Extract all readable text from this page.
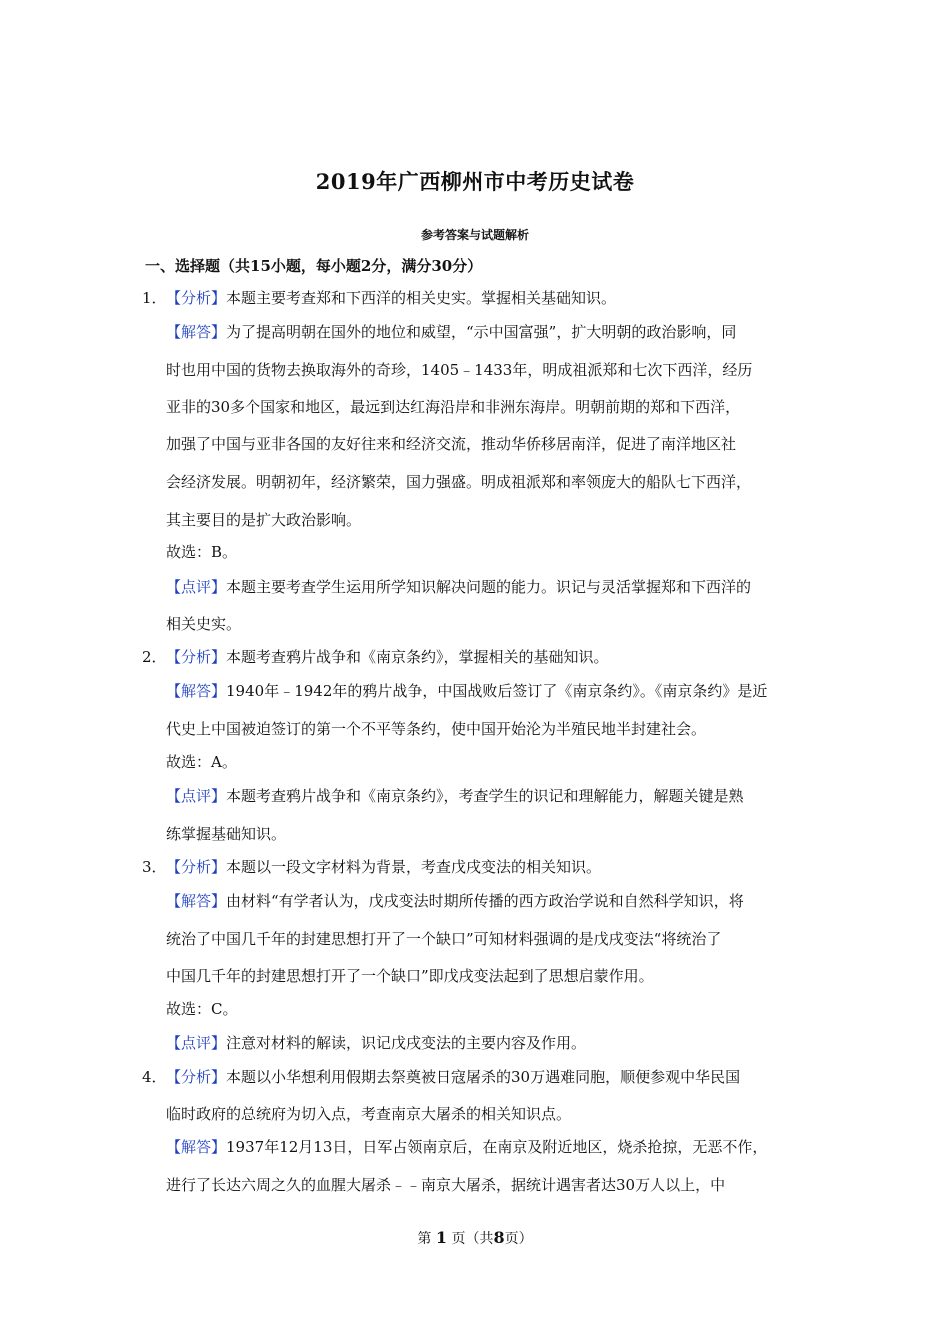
2019年广西柳州市中考历史试卷
参考答案与试题解析
一、选择题（共15小题，每小题2分，满分30分）
1． 【分析】本题主要考查郑和下西洋的相关史实。掌握相关基础知识。
【解答】为了提高明朝在国外的地位和威望，“示中国富强”，扩大明朝的政治影响，同
时也用中国的货物去换取海外的奇珍，1405﹣1433年，明成祖派郑和七次下西洋，经历
亚非的30多个国家和地区，最远到达红海沿岸和非洲东海岸。明朝前期的郑和下西洋，
加强了中国与亚非各国的友好往来和经济交流，推动华侨移居南洋，促进了南洋地区社
会经济发展。明朝初年，经济繁荣，国力强盛。明成祖派郑和率领庞大的船队七下西洋，
其主要目的是扩大政治影响。
故选：B。
【点评】本题主要考查学生运用所学知识解决问题的能力。识记与灵活掌握郑和下西洋的
相关史实。
2． 【分析】本题考查鸦片战争和《南京条约》，掌握相关的基础知识。
【解答】1940年﹣1942年的鸦片战争，中国战败后签订了《南京条约》。《南京条约》是近
代史上中国被迫签订的第一个不平等条约，使中国开始沦为半殖民地半封建社会。
故选：A。
【点评】本题考查鸦片战争和《南京条约》，考查学生的识记和理解能力，解题关键是熟
练掌握基础知识。
3． 【分析】本题以一段文字材料为背景，考查戊戌变法的相关知识。
【解答】由材料“有学者认为，戊戌变法时期所传播的西方政治学说和自然科学知识，将
统治了中国几千年的封建思想打开了一个缺口”可知材料强调的是戊戌变法“将统治了
中国几千年的封建思想打开了一个缺口”即戊戌变法起到了思想启蒙作用。
故选：C。
【点评】注意对材料的解读，识记戊戌变法的主要内容及作用。
4． 【分析】本题以小华想利用假期去祭奠被日寇屠杀的30万遇难同胞，顺便参观中华民国
临时政府的总统府为切入点，考查南京大屠杀的相关知识点。
【解答】1937年12月13日，日军占领南京后，在南京及附近地区，烧杀抢掠，无恶不作，
进行了长达六周之久的血腥大屠杀﹣﹣南京大屠杀，据统计遇害者达30万人以上，中
第 1 页（共8页）
